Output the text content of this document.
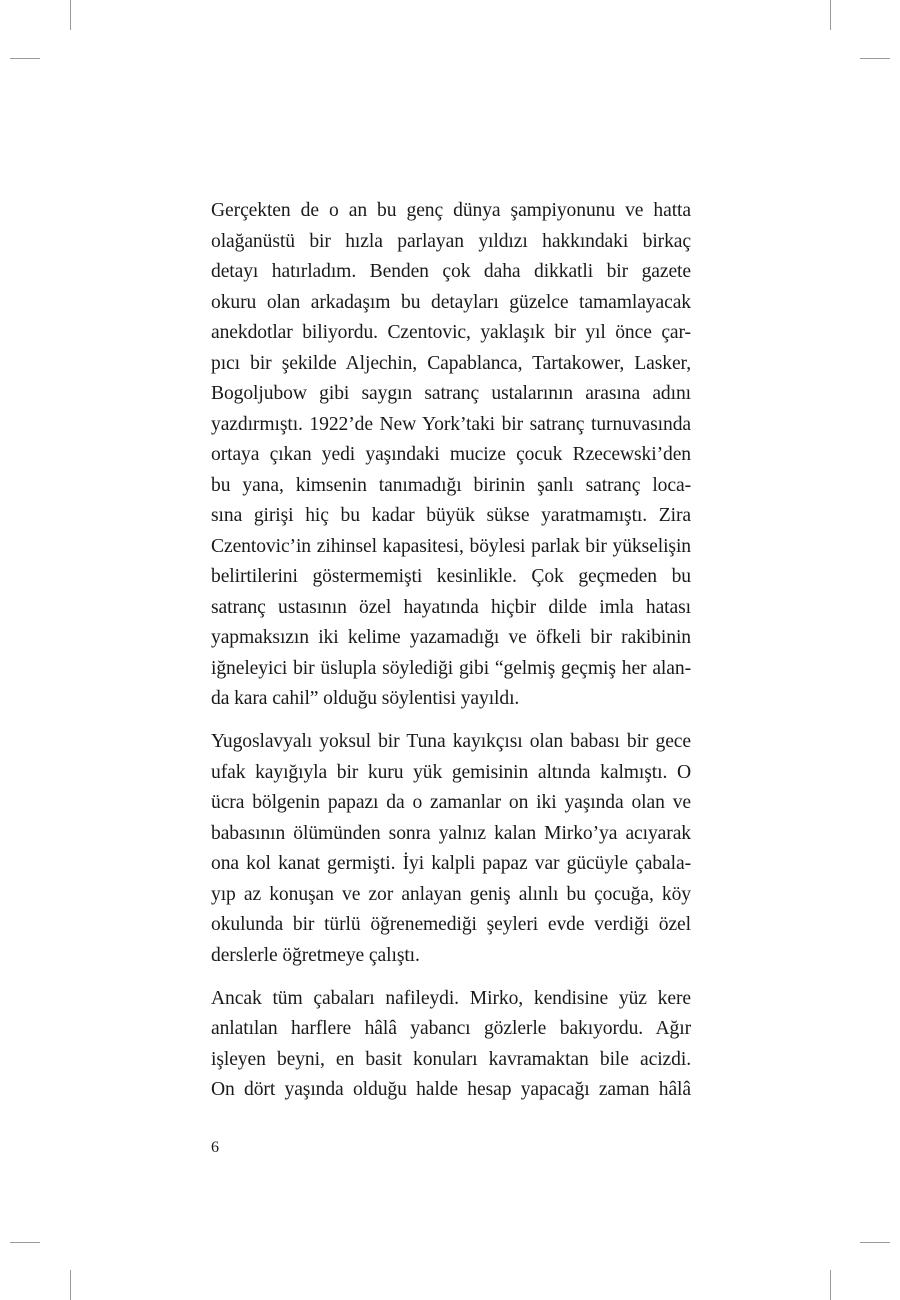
Gerçekten de o an bu genç dünya şampiyonunu ve hatta
olağanüstü bir hızla parlayan yıldızı hakkındaki birkaç
detayı hatırladım. Benden çok daha dikkatli bir gazete
okuru olan arkadaşım bu detayları güzelce tamamlayacak
anekdotlar biliyordu. Czentovic, yaklaşık bir yıl önce çar-
pıcı bir şekilde Aljechin, Capablanca, Tartakower, Lasker,
Bogoljubow gibi saygın satranç ustalarının arasına adını
yazdırmıştı. 1922’de New York’taki bir satranç turnuvasında
ortaya çıkan yedi yaşındaki mucize çocuk Rzecewski’den
bu yana, kimsenin tanımadığı birinin şanlı satranç loca-
sına girişi hiç bu kadar büyük sükse yaratmamıştı. Zira
Czentovic’in zihinsel kapasitesi, böylesi parlak bir yükselişin
belirtilerini göstermemişti kesinlikle. Çok geçmeden bu
satranç ustasının özel hayatında hiçbir dilde imla hatası
yapmaksızın iki kelime yazamadığı ve öfkeli bir rakibinin
iğneleyici bir üslupla söylediği gibi “gelmiş geçmiş her alan-
da kara cahil” olduğu söylentisi yayıldı.

Yugoslavyalı yoksul bir Tuna kayıkçısı olan babası bir gece
ufak kayığıyla bir kuru yük gemisinin altında kalmıştı. O
ücra bölgenin papazı da o zamanlar on iki yaşında olan ve
babasının ölümünden sonra yalnız kalan Mirko’ya acıyarak
ona kol kanat germişti. İyi kalpli papaz var gücüyle çabala-
yıp az konuşan ve zor anlayan geniş alınlı bu çocuğa, köy
okulunda bir türlü öğrenemediği şeyleri evde verdiği özel
derslerle öğretmeye çalıştı.

Ancak tüm çabaları nafileydi. Mirko, kendisine yüz kere
anlatılan harflere hâlâ yabancı gözlerle bakıyordu. Ağır
işleyen beyni, en basit konuları kavramaktan bile acizdi.
On dört yaşında olduğu halde hesap yapacağı zaman hâlâ

6
